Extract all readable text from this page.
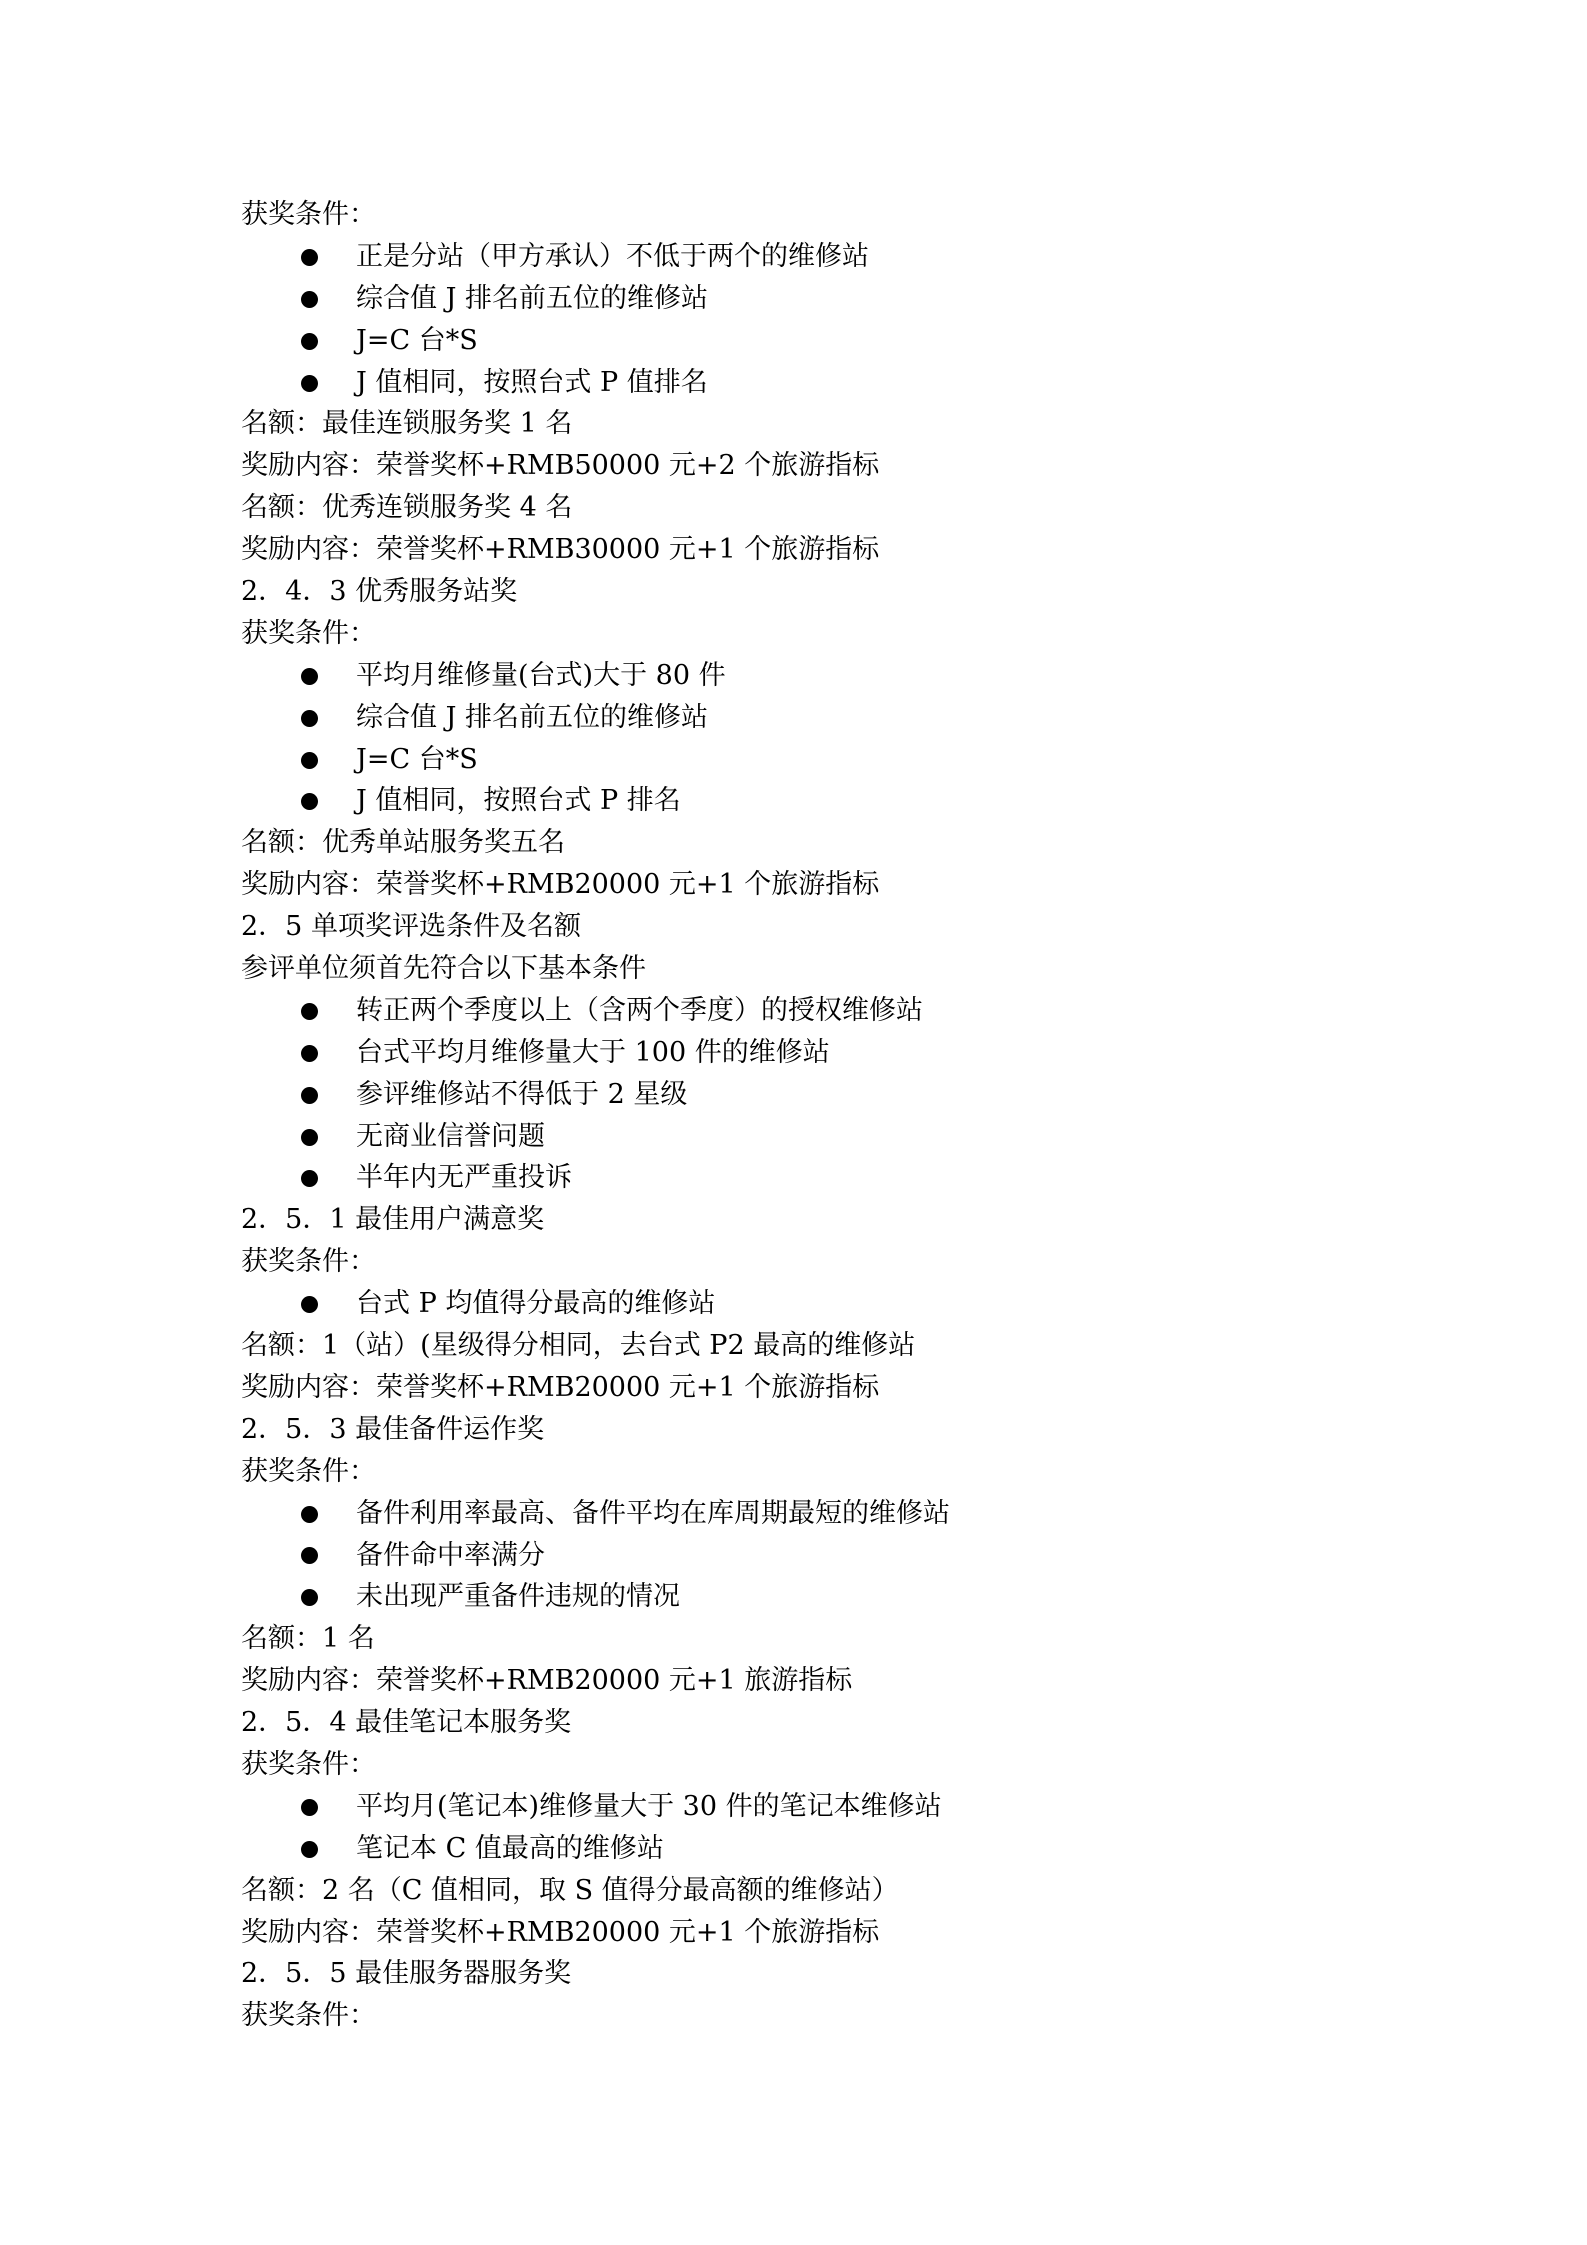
获奖条件：
正是分站（甲方承认）不低于两个的维修站
综合值 J 排名前五位的维修站
J=C 台*S
J 值相同，按照台式 P 值排名
名额：最佳连锁服务奖 1 名
奖励内容：荣誉奖杯+RMB50000 元+2 个旅游指标
名额：优秀连锁服务奖 4 名
奖励内容：荣誉奖杯+RMB30000 元+1 个旅游指标
2．4．3 优秀服务站奖
获奖条件：
平均月维修量(台式)大于 80 件
综合值 J 排名前五位的维修站
J=C 台*S
J 值相同，按照台式 P 排名
名额：优秀单站服务奖五名
奖励内容：荣誉奖杯+RMB20000 元+1 个旅游指标
2．5 单项奖评选条件及名额
参评单位须首先符合以下基本条件
转正两个季度以上（含两个季度）的授权维修站
台式平均月维修量大于 100 件的维修站
参评维修站不得低于 2 星级
无商业信誉问题
半年内无严重投诉
2．5．1 最佳用户满意奖
获奖条件：
台式 P 均值得分最高的维修站
名额：1（站）(星级得分相同，去台式 P2 最高的维修站
奖励内容：荣誉奖杯+RMB20000 元+1 个旅游指标
2．5．3 最佳备件运作奖
获奖条件：
备件利用率最高、备件平均在库周期最短的维修站
备件命中率满分
未出现严重备件违规的情况
名额：1 名
奖励内容：荣誉奖杯+RMB20000 元+1 旅游指标
2．5．4 最佳笔记本服务奖
获奖条件：
平均月(笔记本)维修量大于 30 件的笔记本维修站
笔记本 C 值最高的维修站
名额：2 名（C 值相同，取 S 值得分最高额的维修站）
奖励内容：荣誉奖杯+RMB20000 元+1 个旅游指标
2．5．5 最佳服务器服务奖
获奖条件：
